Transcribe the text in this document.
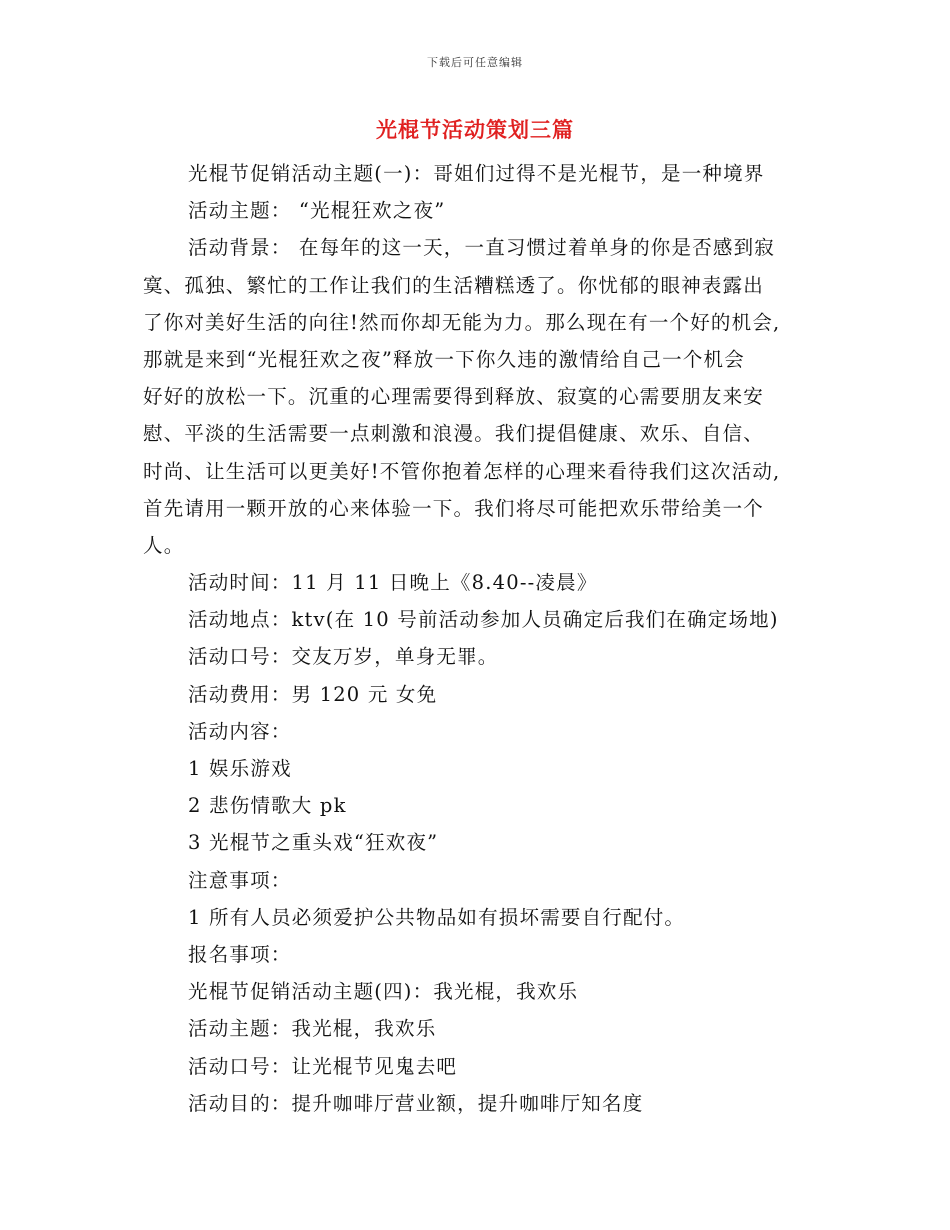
下载后可任意编辑
光棍节活动策划三篇
光棍节促销活动主题(一)：哥姐们过得不是光棍节，是一种境界
活动主题： “光棍狂欢之夜”
活动背景： 在每年的这一天，一直习惯过着单身的你是否感到寂
寞、孤独、繁忙的工作让我们的生活糟糕透了。你忧郁的眼神表露出
了你对美好生活的向往!然而你却无能为力。那么现在有一个好的机会,
那就是来到“光棍狂欢之夜”释放一下你久违的激情给自己一个机会
好好的放松一下。沉重的心理需要得到释放、寂寞的心需要朋友来安
慰、平淡的生活需要一点刺激和浪漫。我们提倡健康、欢乐、自信、
时尚、让生活可以更美好!不管你抱着怎样的心理来看待我们这次活动,
首先请用一颗开放的心来体验一下。我们将尽可能把欢乐带给美一个
人。
活动时间：11 月 11 日晚上《8.40--凌晨》
活动地点：ktv(在 10 号前活动参加人员确定后我们在确定场地)
活动口号：交友万岁，单身无罪。
活动费用：男 120 元 女免
活动内容：
1 娱乐游戏
2 悲伤情歌大 pk
3 光棍节之重头戏“狂欢夜”
注意事项：
1 所有人员必须爱护公共物品如有损坏需要自行配付。
报名事项：
光棍节促销活动主题(四)：我光棍，我欢乐
活动主题：我光棍，我欢乐
活动口号：让光棍节见鬼去吧
活动目的：提升咖啡厅营业额，提升咖啡厅知名度
